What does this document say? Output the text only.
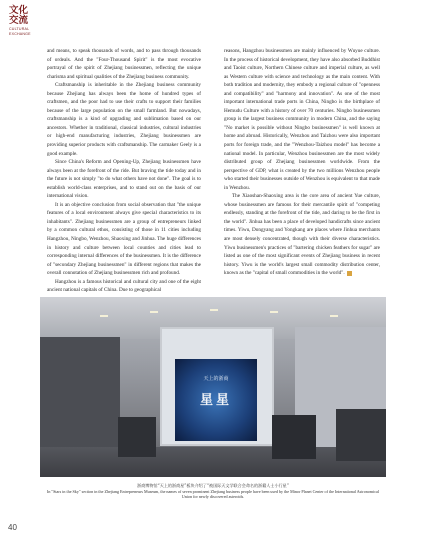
文化
交流
CULTURAL
EXCHANGE

and means, to speak thousands of words, and to pass through thousands of ordeals. And the "Four-Thousand Spirit" is the most evocative portrayal of the spirit of Zhejiang businessmen, reflecting the unique charisma and spiritual qualities of the Zhejiang business community.

Craftsmanship is inheritable in the Zhejiang business community because Zhejiang has always been the home of hundred types of craftsmen, and the poor had to use their crafts to support their families because of the large population on the small farmland. But nowadays, craftsmanship is a kind of upgrading and sublimation based on our ancestors. Whether in traditional, classical industries, cultural industries or high-end manufacturing industries, Zhejiang businessmen are providing superior products with craftsmanship. The carmaker Geely is a good example.

Since China's Reform and Opening-Up, Zhejiang businessmen have always been at the forefront of the ride. But braving the tide today and in the future is not simply "to do what others have not done". The goal is to establish world-class enterprises, and to stand out on the basis of our international vision.

It is an objective conclusion from social observation that "the unique features of a local environment always give special characteristics to its inhabitants". Zhejiang businessmen are a group of entrepreneurs linked by a common cultural ethos, consisting of those in 11 cities including Hangzhou, Ningbo, Wenzhou, Shaoxing and Jinhua. The huge differences in history and culture between local counties and cities lead to corresponding internal differences of the businessmen. It is the difference of "secondary Zhejiang businessmen" in different regions that makes the overall connotation of Zhejiang businessmen rich and profound.

Hangzhou is a famous historical and cultural city and one of the eight ancient national capitals of China. Due to geographical

reasons, Hangzhou businessmen are mainly influenced by Wuyue culture. In the process of historical development, they have also absorbed Buddhist and Taoist culture, Northern Chinese culture and imperial culture, as well as Western culture with science and technology as the main content. With both tradition and modernity, they embody a regional culture of "openness and compatibility" and "harmony and innovation". As one of the most important international trade ports in China, Ningbo is the birthplace of Hemudu Culture with a history of over 70 centuries. Ningbo businessmen group is the largest business community in modern China, and the saying "No market is possible without Ningbo businessmen" is well known at home and abroad. Historically, Wenzhou and Taizhou were also important ports for foreign trade, and the "Wenzhou-Taizhou model" has become a national model. In particular, Wenzhou businessmen are the most widely distributed group of Zhejiang businessmen worldwide. From the perspective of GDP, what is created by the two millions Wenzhou people who started their businesses outside of Wenzhou is equivalent to that made in Wenzhou.

The Xiaoshan-Shaoxing area is the core area of ancient Yue culture, whose businessmen are famous for their mercantile spirit of "competing endlessly, standing at the forefront of the tide, and daring to be the first in the world". Jinhua has been a place of developed handicrafts since ancient times. Yiwu, Dongyang and Yongkang are places where Jinhua merchants are most densely concentrated, though with their diverse characteristics. Yiwu businessmen's practices of "bartering chicken feathers for sugar" are listed as one of the most significant events of Zhejiang business in recent history. Yiwu is the world's largest small commodity distribution center, known as the "capital of small commodities in the world".

天上的浙商
星星
浙商博物馆“天上的浙商星”板块介绍了“被国际天文学联合会命名的浙籍人士小行星”
In "Stars in the Sky" section in the Zhejiang Entrepreneurs Museum, the names of seven prominent Zhejiang business people have been used by the Minor Planet Center of the International Astronomical Union for newly discovered asteroids.
40
